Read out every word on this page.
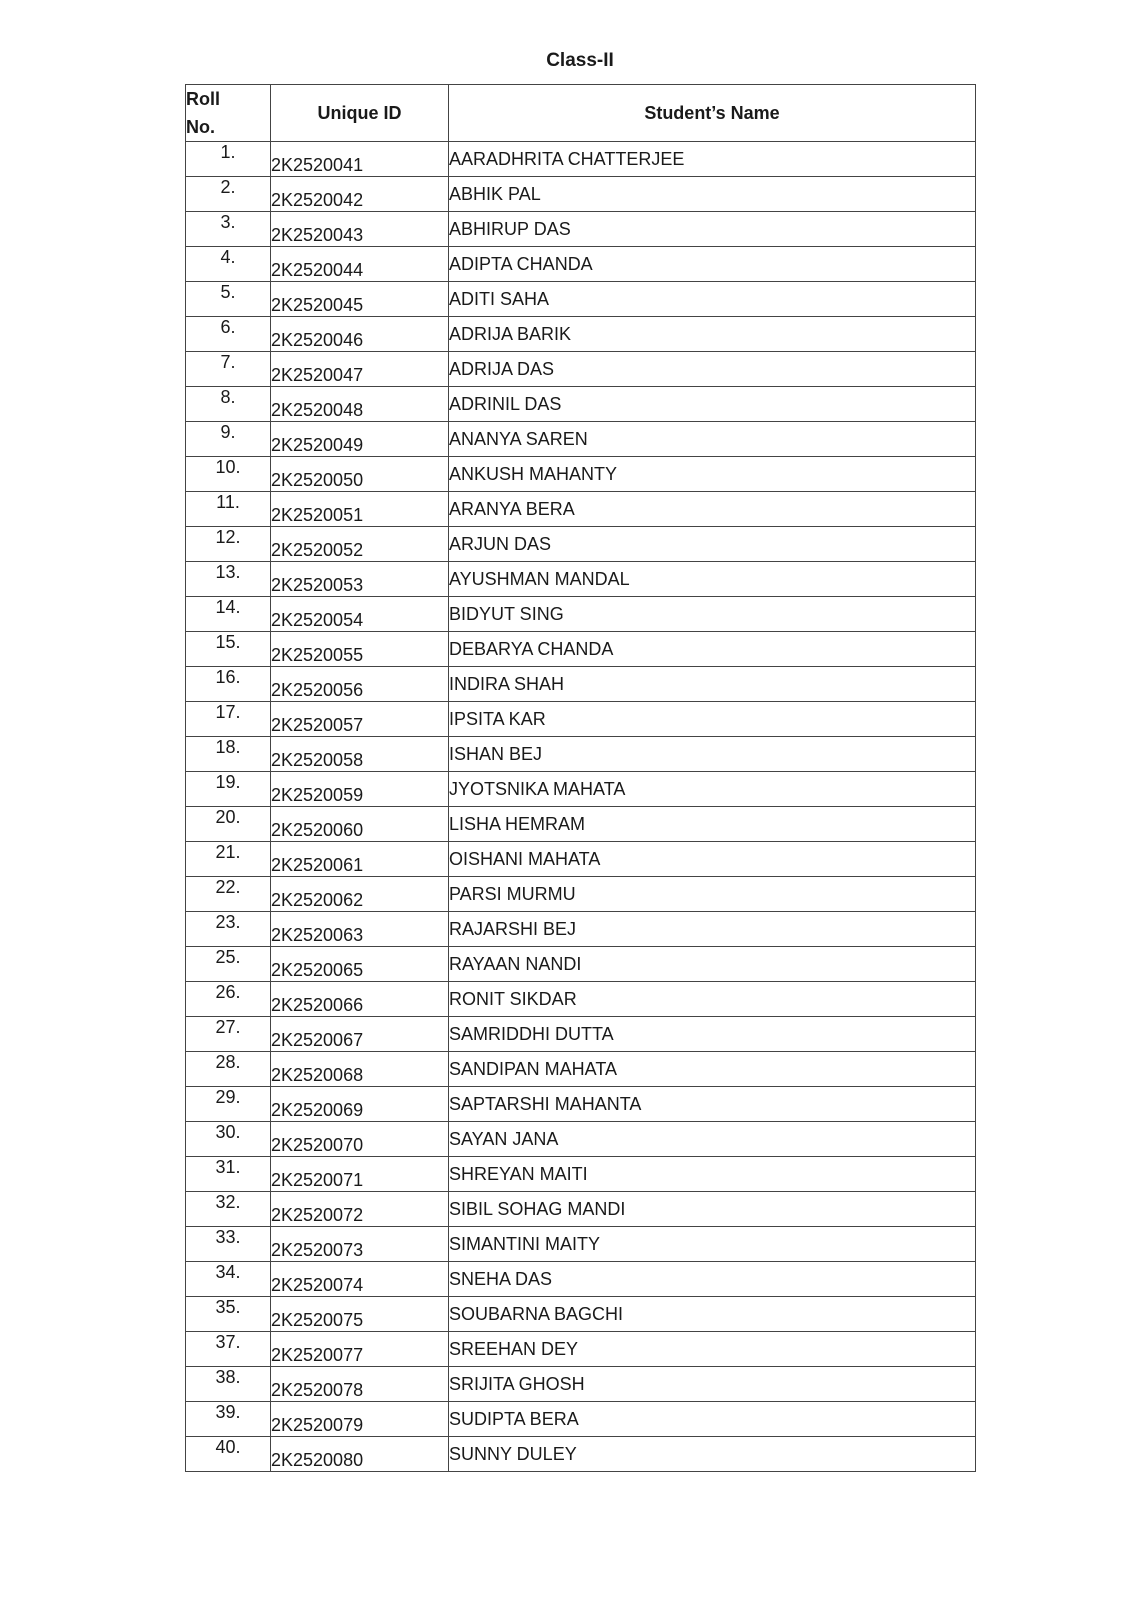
Class-II
Roll
No.	Unique ID	Student’s Name
1.	2K2520041	AARADHRITA CHATTERJEE
2.	2K2520042	ABHIK PAL
3.	2K2520043	ABHIRUP DAS
4.	2K2520044	ADIPTA CHANDA
5.	2K2520045	ADITI SAHA
6.	2K2520046	ADRIJA BARIK
7.	2K2520047	ADRIJA DAS
8.	2K2520048	ADRINIL DAS
9.	2K2520049	ANANYA SAREN
10.	2K2520050	ANKUSH MAHANTY
11.	2K2520051	ARANYA BERA
12.	2K2520052	ARJUN DAS
13.	2K2520053	AYUSHMAN MANDAL
14.	2K2520054	BIDYUT SING
15.	2K2520055	DEBARYA CHANDA
16.	2K2520056	INDIRA SHAH
17.	2K2520057	IPSITA KAR
18.	2K2520058	ISHAN BEJ
19.	2K2520059	JYOTSNIKA MAHATA
20.	2K2520060	LISHA HEMRAM
21.	2K2520061	OISHANI MAHATA
22.	2K2520062	PARSI MURMU
23.	2K2520063	RAJARSHI BEJ
25.	2K2520065	RAYAAN NANDI
26.	2K2520066	RONIT SIKDAR
27.	2K2520067	SAMRIDDHI DUTTA
28.	2K2520068	SANDIPAN MAHATA
29.	2K2520069	SAPTARSHI MAHANTA
30.	2K2520070	SAYAN JANA
31.	2K2520071	SHREYAN MAITI
32.	2K2520072	SIBIL SOHAG MANDI
33.	2K2520073	SIMANTINI MAITY
34.	2K2520074	SNEHA DAS
35.	2K2520075	SOUBARNA BAGCHI
37.	2K2520077	SREEHAN DEY
38.	2K2520078	SRIJITA GHOSH
39.	2K2520079	SUDIPTA BERA
40.	2K2520080	SUNNY DULEY
